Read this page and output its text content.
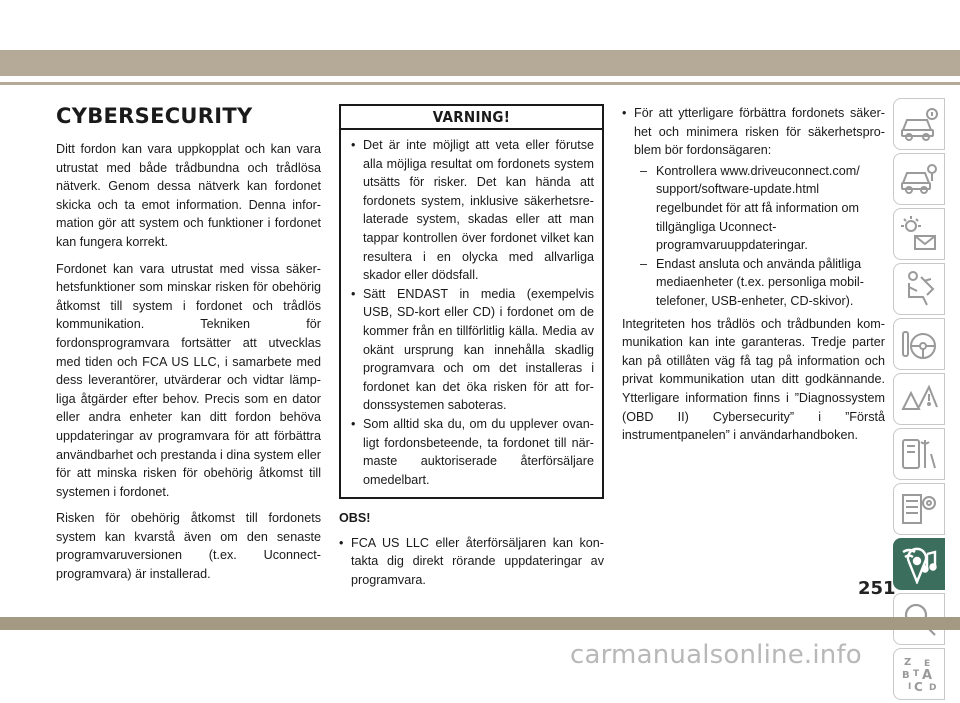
CYBERSECURITY

Ditt fordon kan vara uppkopplat och kan vara utrustat med både trådbundna och trådlösa nätverk. Genom dessa nätverk kan fordonet skicka och ta emot information. Denna information gör att system och funktioner i fordonet kan fungera korrekt.

Fordonet kan vara utrustat med vissa säkerhetsfunktioner som minskar risken för obehörig åtkomst till system i fordonet och trådlös kommunikation. Tekniken för fordonsprogramvara fortsätter att utvecklas med tiden och FCA US LLC, i samarbete med dess leverantörer, utvärderar och vidtar lämpliga åtgärder efter behov. Precis som en dator eller andra enheter kan ditt fordon behöva uppdateringar av programvara för att förbättra användbarhet och prestanda i dina system eller för att minska risken för obehörig åtkomst till systemen i fordonet.

Risken för obehörig åtkomst till fordonets system kan kvarstå även om den senaste programvaruversionen (t.ex. Uconnect-programvara) är installerad.

VARNING!
• Det är inte möjligt att veta eller förutse alla möjliga resultat om fordonets system utsätts för risker. Det kan hända att fordonets system, inklusive säkerhetsrelaterade system, skadas eller att man tappar kontrollen över fordonet vilket kan resultera i en olycka med allvarliga skador eller dödsfall.
• Sätt ENDAST in media (exempelvis USB, SD-kort eller CD) i fordonet om de kommer från en tillförlitlig källa. Media av okänt ursprung kan innehålla skadlig programvara och om det installeras i fordonet kan det öka risken för att fordonssystemen saboteras.
• Som alltid ska du, om du upplever ovanligt fordonsbeteende, ta fordonet till närmaste auktoriserade återförsäljare omedelbart.
OBS!
• FCA US LLC eller återförsäljaren kan kontakta dig direkt rörande uppdateringar av programvara.
• För att ytterligare förbättra fordonets säkerhet och minimera risken för säkerhetsproblem bör fordonsägaren:
– Kontrollera www.driveuconnect.com/ support/software-update.html regelbundet för att få information om tillgängliga Uconnect-programvaruuppdateringar.
– Endast ansluta och använda pålitliga mediaenheter (t.ex. personliga mobiltelefoner, USB-enheter, CD-skivor).

Integriteten hos trådlös och trådbunden kommunikation kan inte garanteras. Tredje parter kan på otillåten väg få tag på information och privat kommunikation utan ditt godkännande. Ytterligare information finns i ”Diagnossystem (OBD II) Cybersecurity” i ”Förstå instrumentpanelen” i användarhandboken.

Z
B
E
A
C D
T
I
251
carmanualsonline.info
